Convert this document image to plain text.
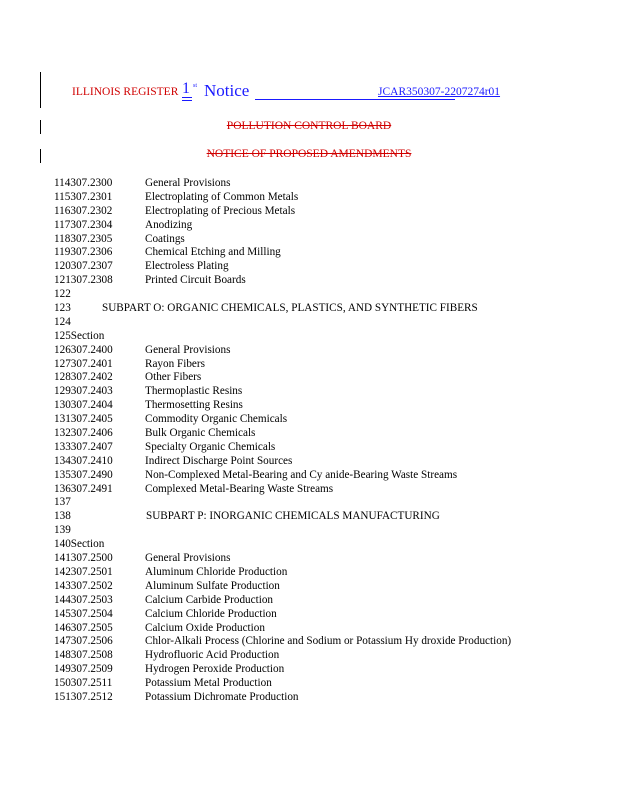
ILLINOIS REGISTER 1 st Notice	JCAR350307-2207274r01
POLLUTION CONTROL BOARD
NOTICE OF PROPOSED AMENDMENTS
114307.2300	General Provisions
115307.2301	Electroplating of Common Metals
116307.2302	Electroplating of Precious Metals
117307.2304	Anodizing
118307.2305	Coatings
119307.2306	Chemical Etching and Milling
120307.2307	Electroless Plating
121307.2308	Printed Circuit Boards
122
123	SUBPART O: ORGANIC CHEMICALS, PLASTICS, AND SYNTHETIC FIBERS
124
125Section
126307.2400	General Provisions
127307.2401	Rayon Fibers
128307.2402	Other Fibers
129307.2403	Thermoplastic Resins
130307.2404	Thermosetting Resins
131307.2405	Commodity Organic Chemicals
132307.2406	Bulk Organic Chemicals
133307.2407	Specialty Organic Chemicals
134307.2410	Indirect Discharge Point Sources
135307.2490	Non-Complexed Metal-Bearing and Cy anide-Bearing Waste Streams
136307.2491	Complexed Metal-Bearing Waste Streams
137
138	SUBPART P: INORGANIC CHEMICALS MANUFACTURING
139
140Section
141307.2500	General Provisions
142307.2501	Aluminum Chloride Production
143307.2502	Aluminum Sulfate Production
144307.2503	Calcium Carbide Production
145307.2504	Calcium Chloride Production
146307.2505	Calcium Oxide Production
147307.2506	Chlor-Alkali Process (Chlorine and Sodium or Potassium Hy droxide Production)
148307.2508	Hydrofluoric Acid Production
149307.2509	Hydrogen Peroxide Production
150307.2511	Potassium Metal Production
151307.2512	Potassium Dichromate Production
